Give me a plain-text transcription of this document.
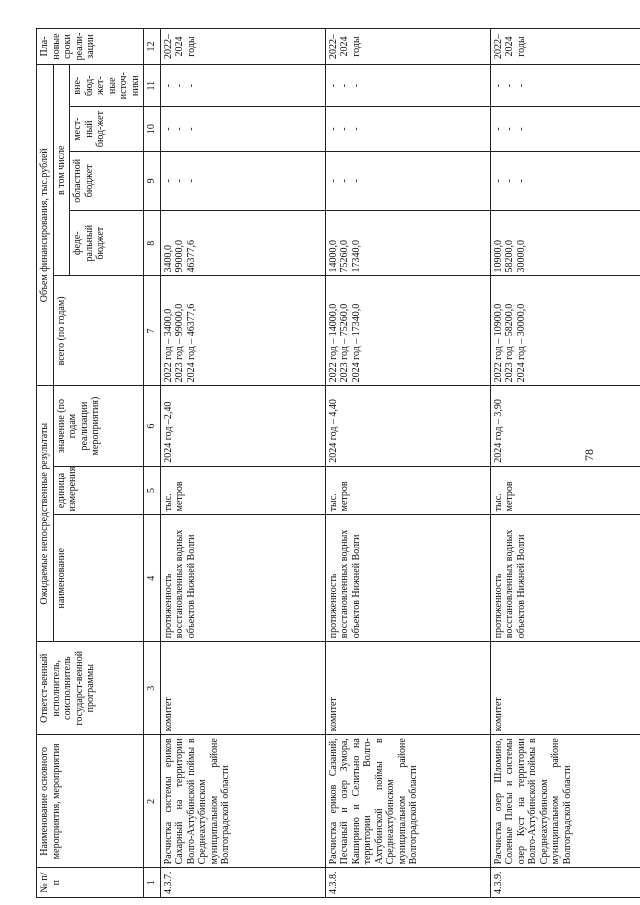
78
№ п/п	Наименование основного мероприятия, мероприятия	Ответст-венный исполнитель, соисполнитель государст-венной программы	Ожидаемые непосредственные результаты			Объем финансирования, тыс.рублей					Пла-новые сроки реали-зации
			наименование	единица измерения	значение (по годам реализации мероприятия)	всего (по годам)	в том числе				
							феде-ральный бюджет	областной бюджет	мест-ный бюд-жет	вне-бюд-жет-ные источ-ники	
1	2	3	4	5	6	7	8	9	10	11	12
4.3.7.	Расчистка системы ериков Сахарный на территории Волго-Ахтубинской поймы в Среднеахтубинском муниципальном районе Волгоградской области	комитет	протяженность восстановленных водных объектов Нижней Волги	тыс. метров	2024 год –2,40	2022 год – 3400,0 2023 год – 99000,0 2024 год – 46377,6	3400,0 99000,0 46377,6	- - -	- - -	- - -	2022–2024 годы
4.3.8.	Расчистка ериков Сазаний, Песчаный и озер Зумора, Кашириню и Селитьно на территории Волго-Ахтубинской поймы в Среднеахтубинском муниципальном районе Волгоградской области	комитет	протяженность восстановленных водных объектов Нижней Волги	тыс. метров	2024 год – 4,40	2022 год – 14000,0 2023 год – 75260,0 2024 год – 17340,0	14000,0 75260,0 17340,0	- - -	- - -	- - -	2022–2024 годы
4.3.9.	Расчистка озер Шломино, Соленые Плесы и системы озер Куст на территории Волго-Ахтубинской поймы в Среднеахтубинском муниципальном районе Волгоградской области	комитет	протяженность восстановленных водных объектов Нижней Волги	тыс. метров	2024 год – 3,90	2022 год – 10900,0 2023 год – 58200,0 2024 год – 30000,0	10900,0 58200,0 30000,0	- - -	- - -	- - -	2022–2024 годы
